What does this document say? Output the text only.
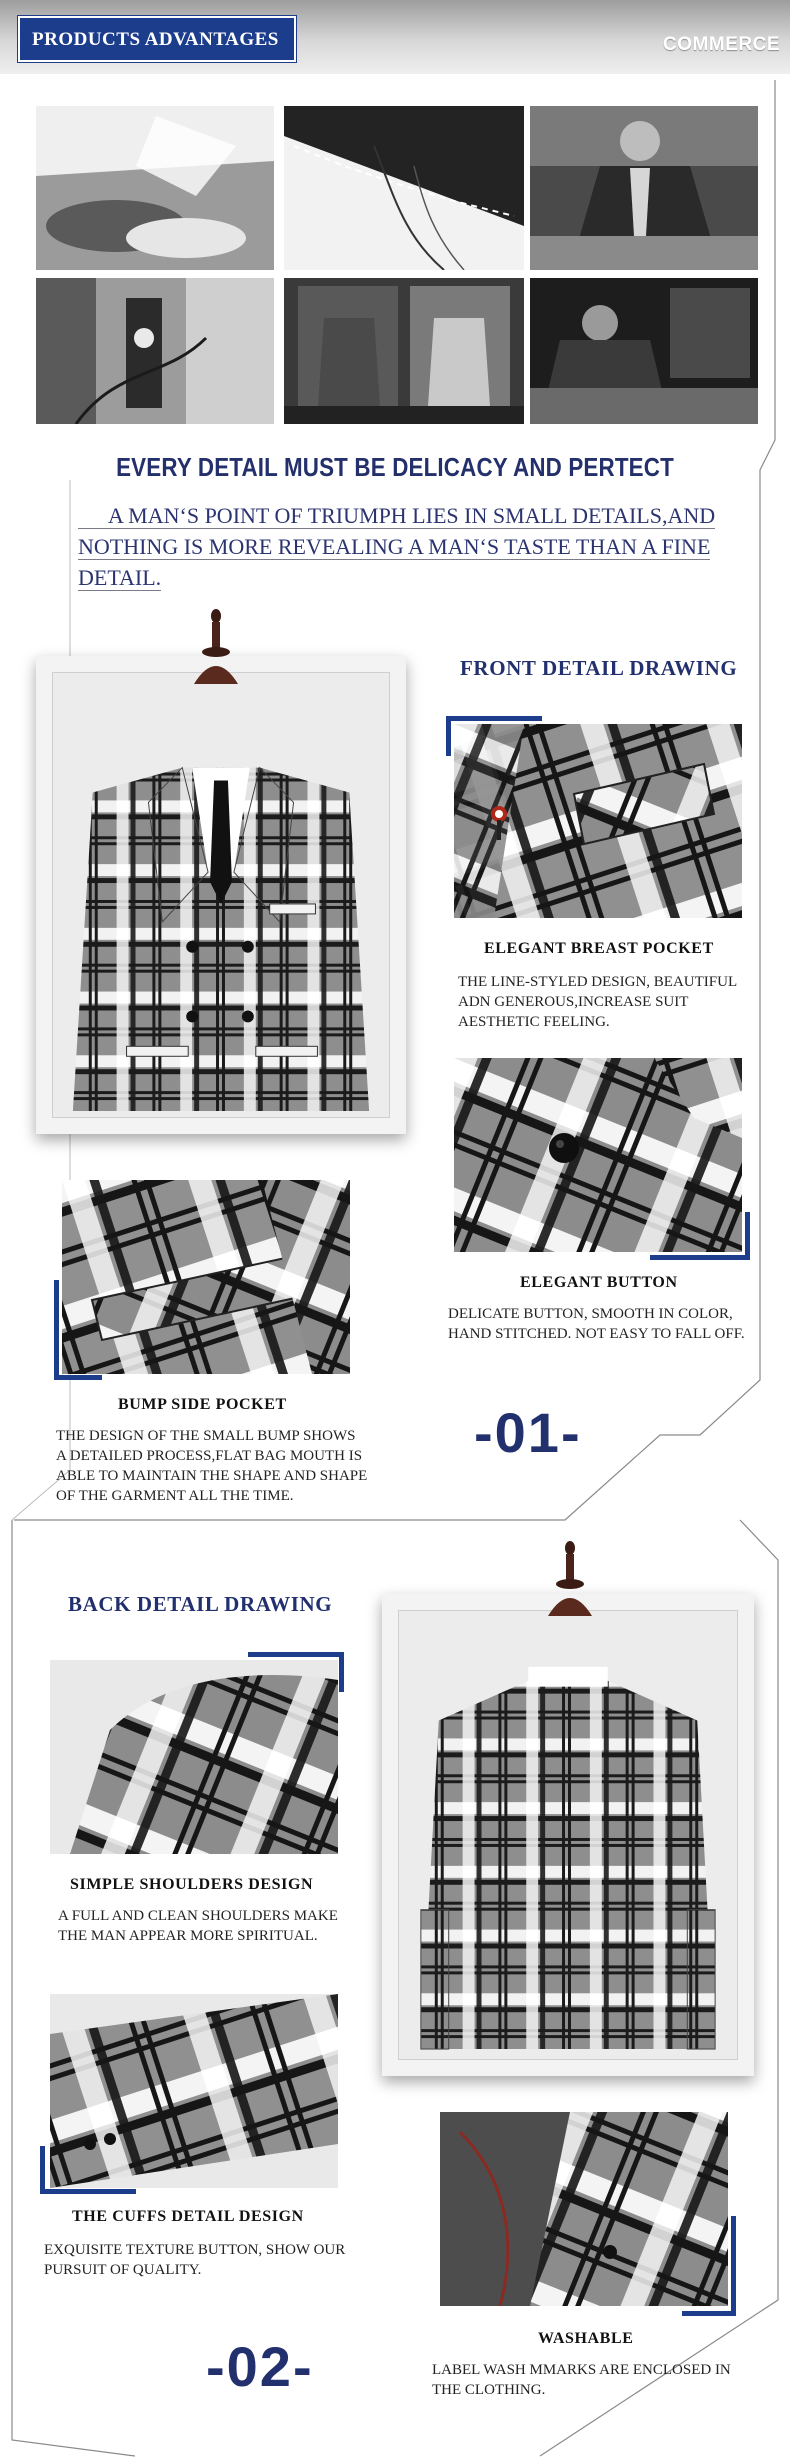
PRODUCTS ADVANTAGES	COMMERCE
EVERY DETAIL MUST BE DELICACY AND PERTECT
A MAN‘S POINT OF TRIUMPH LIES IN SMALL DETAILS,AND
NOTHING IS MORE REVEALING A MAN‘S TASTE THAN A FINE
DETAIL.
FRONT DETAIL DRAWING
ELEGANT BREAST POCKET
THE LINE-STYLED DESIGN, BEAUTIFUL
ADN GENEROUS,INCREASE SUIT
AESTHETIC FEELING.
ELEGANT BUTTON
DELICATE BUTTON, SMOOTH IN COLOR,
HAND STITCHED. NOT EASY TO FALL OFF.
BUMP SIDE POCKET
THE DESIGN OF THE SMALL BUMP SHOWS
A DETAILED PROCESS,FLAT BAG MOUTH IS
ABLE TO MAINTAIN THE SHAPE AND SHAPE
OF THE GARMENT ALL THE TIME.
-01-
BACK DETAIL DRAWING
SIMPLE SHOULDERS DESIGN
A FULL AND CLEAN SHOULDERS MAKE
THE MAN APPEAR MORE SPIRITUAL.
THE CUFFS DETAIL DESIGN
EXQUISITE TEXTURE BUTTON, SHOW OUR
PURSUIT OF QUALITY.
WASHABLE
LABEL WASH MMARKS ARE ENCLOSED IN
THE CLOTHING.
-02-
